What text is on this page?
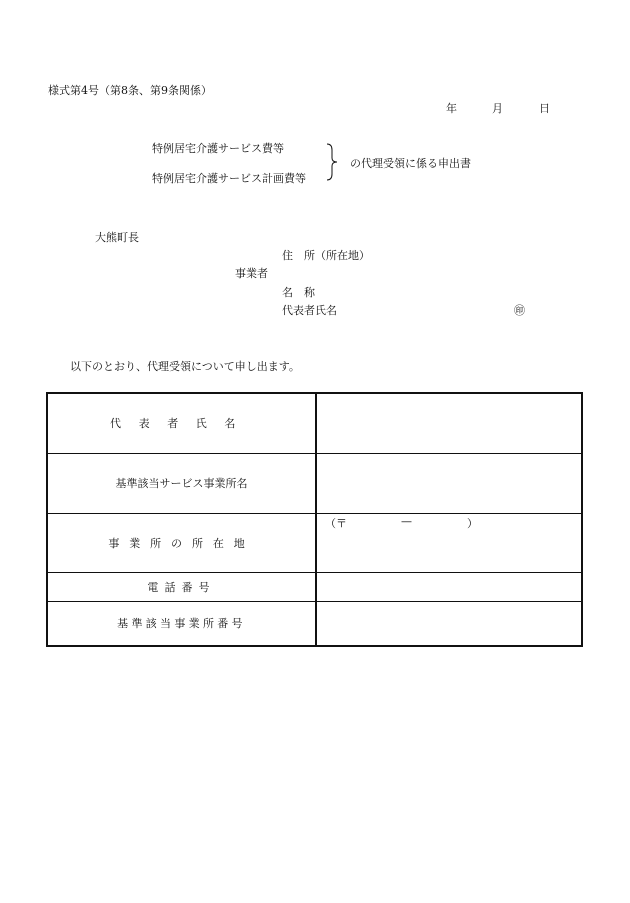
様式第4号（第8条、第9条関係）
年	月	日
特例居宅介護サービス費等
特例居宅介護サービス計画費等
の代理受領に係る申出書
大熊町長
住　所（所在地）
事業者
名　称
代表者氏名	㊞
以下のとおり、代理受領について申し出ます。
代表者氏名	
基準該当サービス事業所名	
事業所の所在地	（〒 — ）

電話番号	
基準該当事業所番号	
